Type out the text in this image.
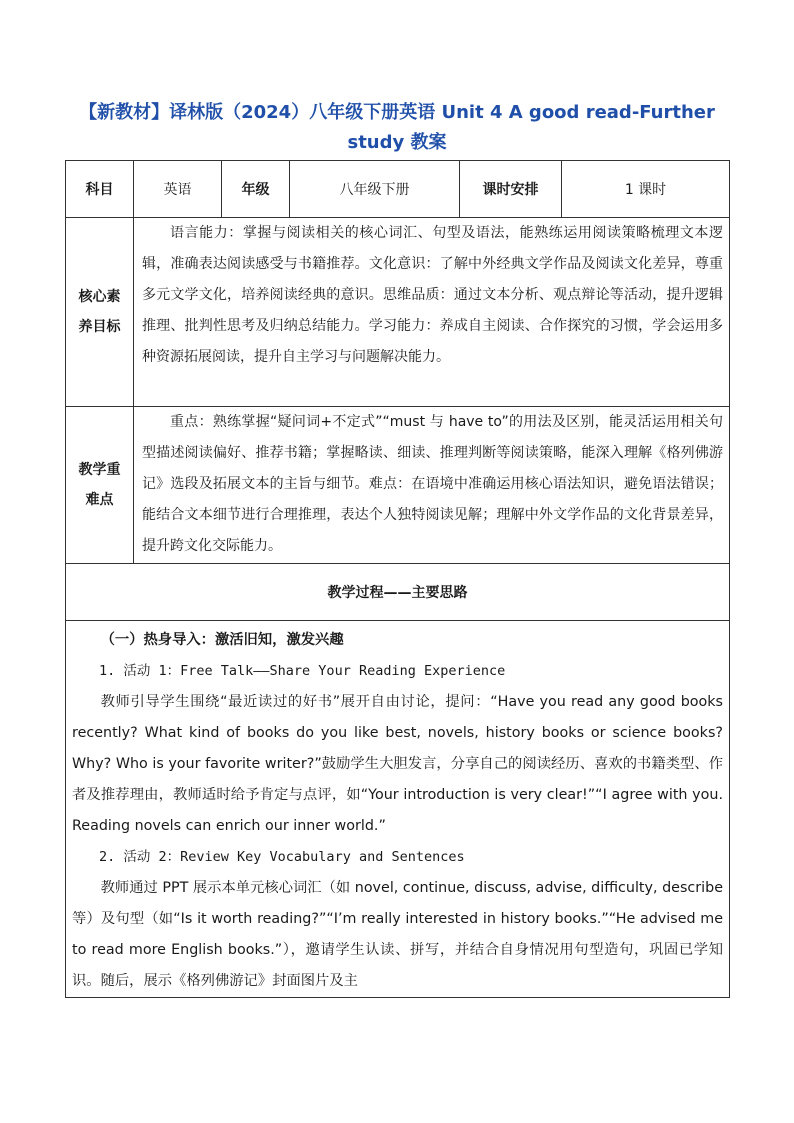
【新教材】译林版（2024）八年级下册英语 Unit 4 A good read-Further
study 教案
科目	英语	年级	八年级下册	课时安排	1 课时

核心素
养目标	语言能力：掌握与阅读相关的核心词汇、句型及语法，能熟练运用阅读策略梳理文本逻辑，准确表达阅读感受与书籍推荐。文化意识：了解中外经典文学作品及阅读文化差异，尊重多元文学文化，培养阅读经典的意识。思维品质：通过文本分析、观点辩论等活动，提升逻辑推理、批判性思考及归纳总结能力。学习能力：养成自主阅读、合作探究的习惯，学会运用多种资源拓展阅读，提升自主学习与问题解决能力。				

教学重
难点	重点：熟练掌握“疑问词+不定式”“must 与 have to”的用法及区别，能灵活运用相关句型描述阅读偏好、推荐书籍；掌握略读、细读、推理判断等阅读策略，能深入理解《格列佛游记》选段及拓展文本的主旨与细节。难点：在语境中准确运用核心语法知识，避免语法错误；能结合文本细节进行合理推理，表达个人独特阅读见解；理解中外文学作品的文化背景差异，提升跨文化交际能力。				

教学过程——主要思路					

（一）热身导入：激活旧知，激发兴趣

1. 活动 1：Free Talk——Share Your Reading Experience

教师引导学生围绕“最近读过的好书”展开自由讨论，提问：“Have you read any good books recently? What kind of books do you like best, novels, history books or science books? Why? Who is your favorite writer?”鼓励学生大胆发言，分享自己的阅读经历、喜欢的书籍类型、作者及推荐理由，教师适时给予肯定与点评，如“Your introduction is very clear!”“I agree with you. Reading novels can enrich our inner world.”

2. 活动 2：Review Key Vocabulary and Sentences

教师通过 PPT 展示本单元核心词汇（如 novel, continue, discuss, advise, difficulty, describe 等）及句型（如“Is it worth reading?”“I’m really interested in history books.”“He advised me to read more English books.”），邀请学生认读、拼写，并结合自身情况用句型造句，巩固已学知识。随后，展示《格列佛游记》封面图片及主					
